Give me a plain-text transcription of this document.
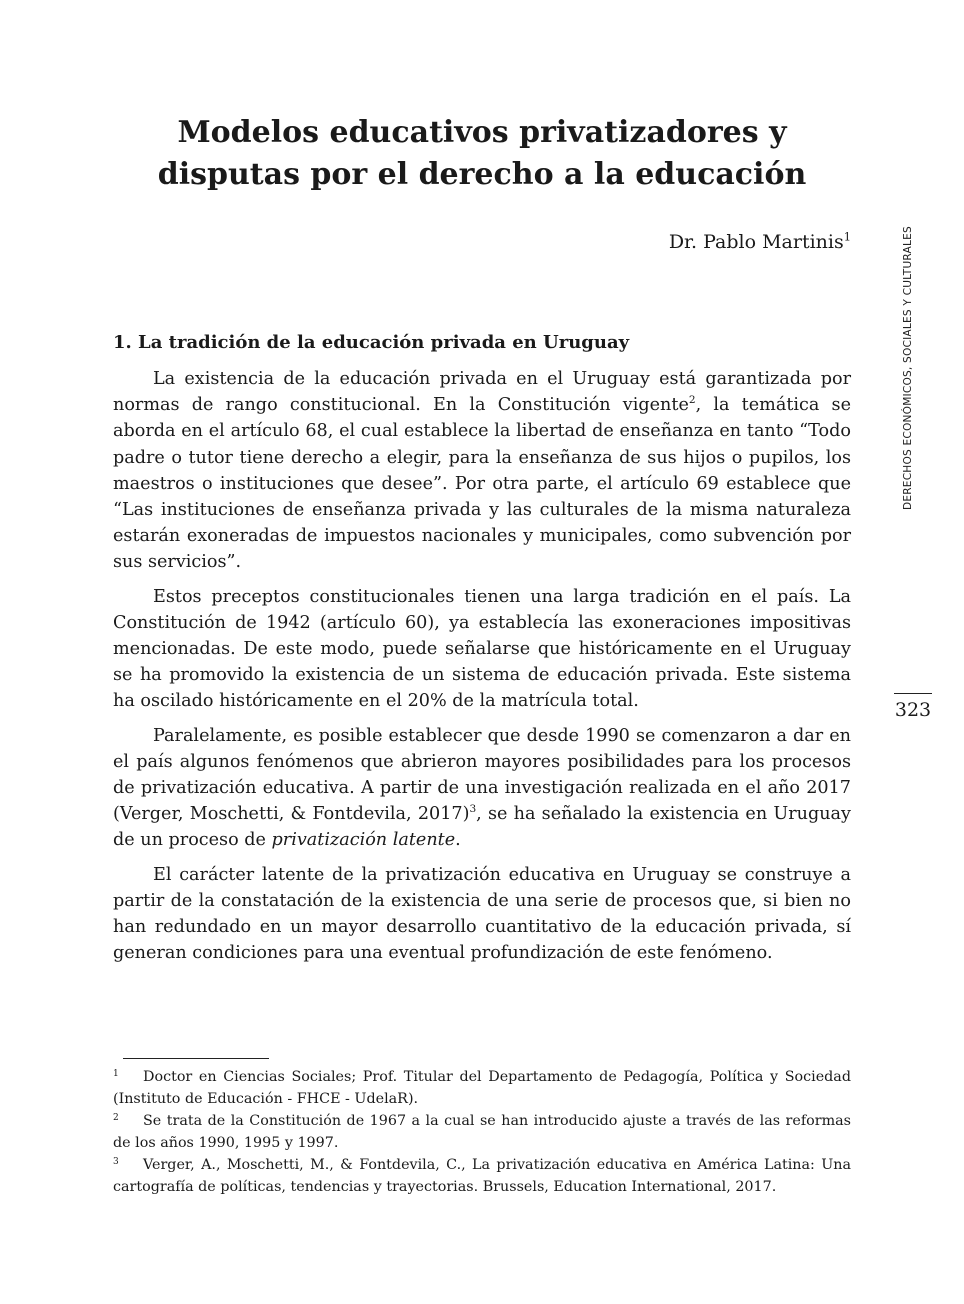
Modelos educativos privatizadores y disputas por el derecho a la educación
Dr. Pablo Martinis$^1$
1. La tradición de la educación privada en Uruguay

La existencia de la educación privada en el Uruguay está garantizada por normas de rango constitucional. En la Constitución vigente$^2$, la temática se aborda en el artículo 68, el cual establece la libertad de enseñanza en tanto “Todo padre o tutor tiene derecho a elegir, para la enseñanza de sus hijos o pupilos, los maestros o instituciones que desee”. Por otra parte, el artículo 69 establece que “Las instituciones de enseñanza privada y las culturales de la misma naturaleza estarán exoneradas de impuestos nacionales y municipales, como subvención por sus servicios”.

Estos preceptos constitucionales tienen una larga tradición en el país. La Constitución de 1942 (artículo 60), ya establecía las exoneraciones impositivas mencionadas. De este modo, puede señalarse que históricamente en el Uruguay se ha promovido la existencia de un sistema de educación privada. Este sistema ha oscilado históricamente en el 20% de la matrícula total.

Paralelamente, es posible establecer que desde 1990 se comenzaron a dar en el país algunos fenómenos que abrieron mayores posibilidades para los procesos de privatización educativa. A partir de una investigación realizada en el año 2017 (Verger, Moschetti, & Fontdevila, 2017)$^3$, se ha señalado la existencia en Uruguay de un proceso de privatización latente.

El carácter latente de la privatización educativa en Uruguay se construye a partir de la constatación de la existencia de una serie de procesos que, si bien no han redundado en un mayor desarrollo cuantitativo de la educación privada, sí generan condiciones para una eventual profundización de este fenómeno.

DERECHOS ECONÓMICOS, SOCIALES Y CULTURALES
323

1 Doctor en Ciencias Sociales; Prof. Titular del Departamento de Pedagogía, Política y Sociedad (Instituto de Educación - FHCE - UdelaR).

2 Se trata de la Constitución de 1967 a la cual se han introducido ajuste a través de las reformas de los años 1990, 1995 y 1997.

3 Verger, A., Moschetti, M., & Fontdevila, C., La privatización educativa en América Latina: Una cartografía de políticas, tendencias y trayectorias. Brussels, Education International, 2017.
